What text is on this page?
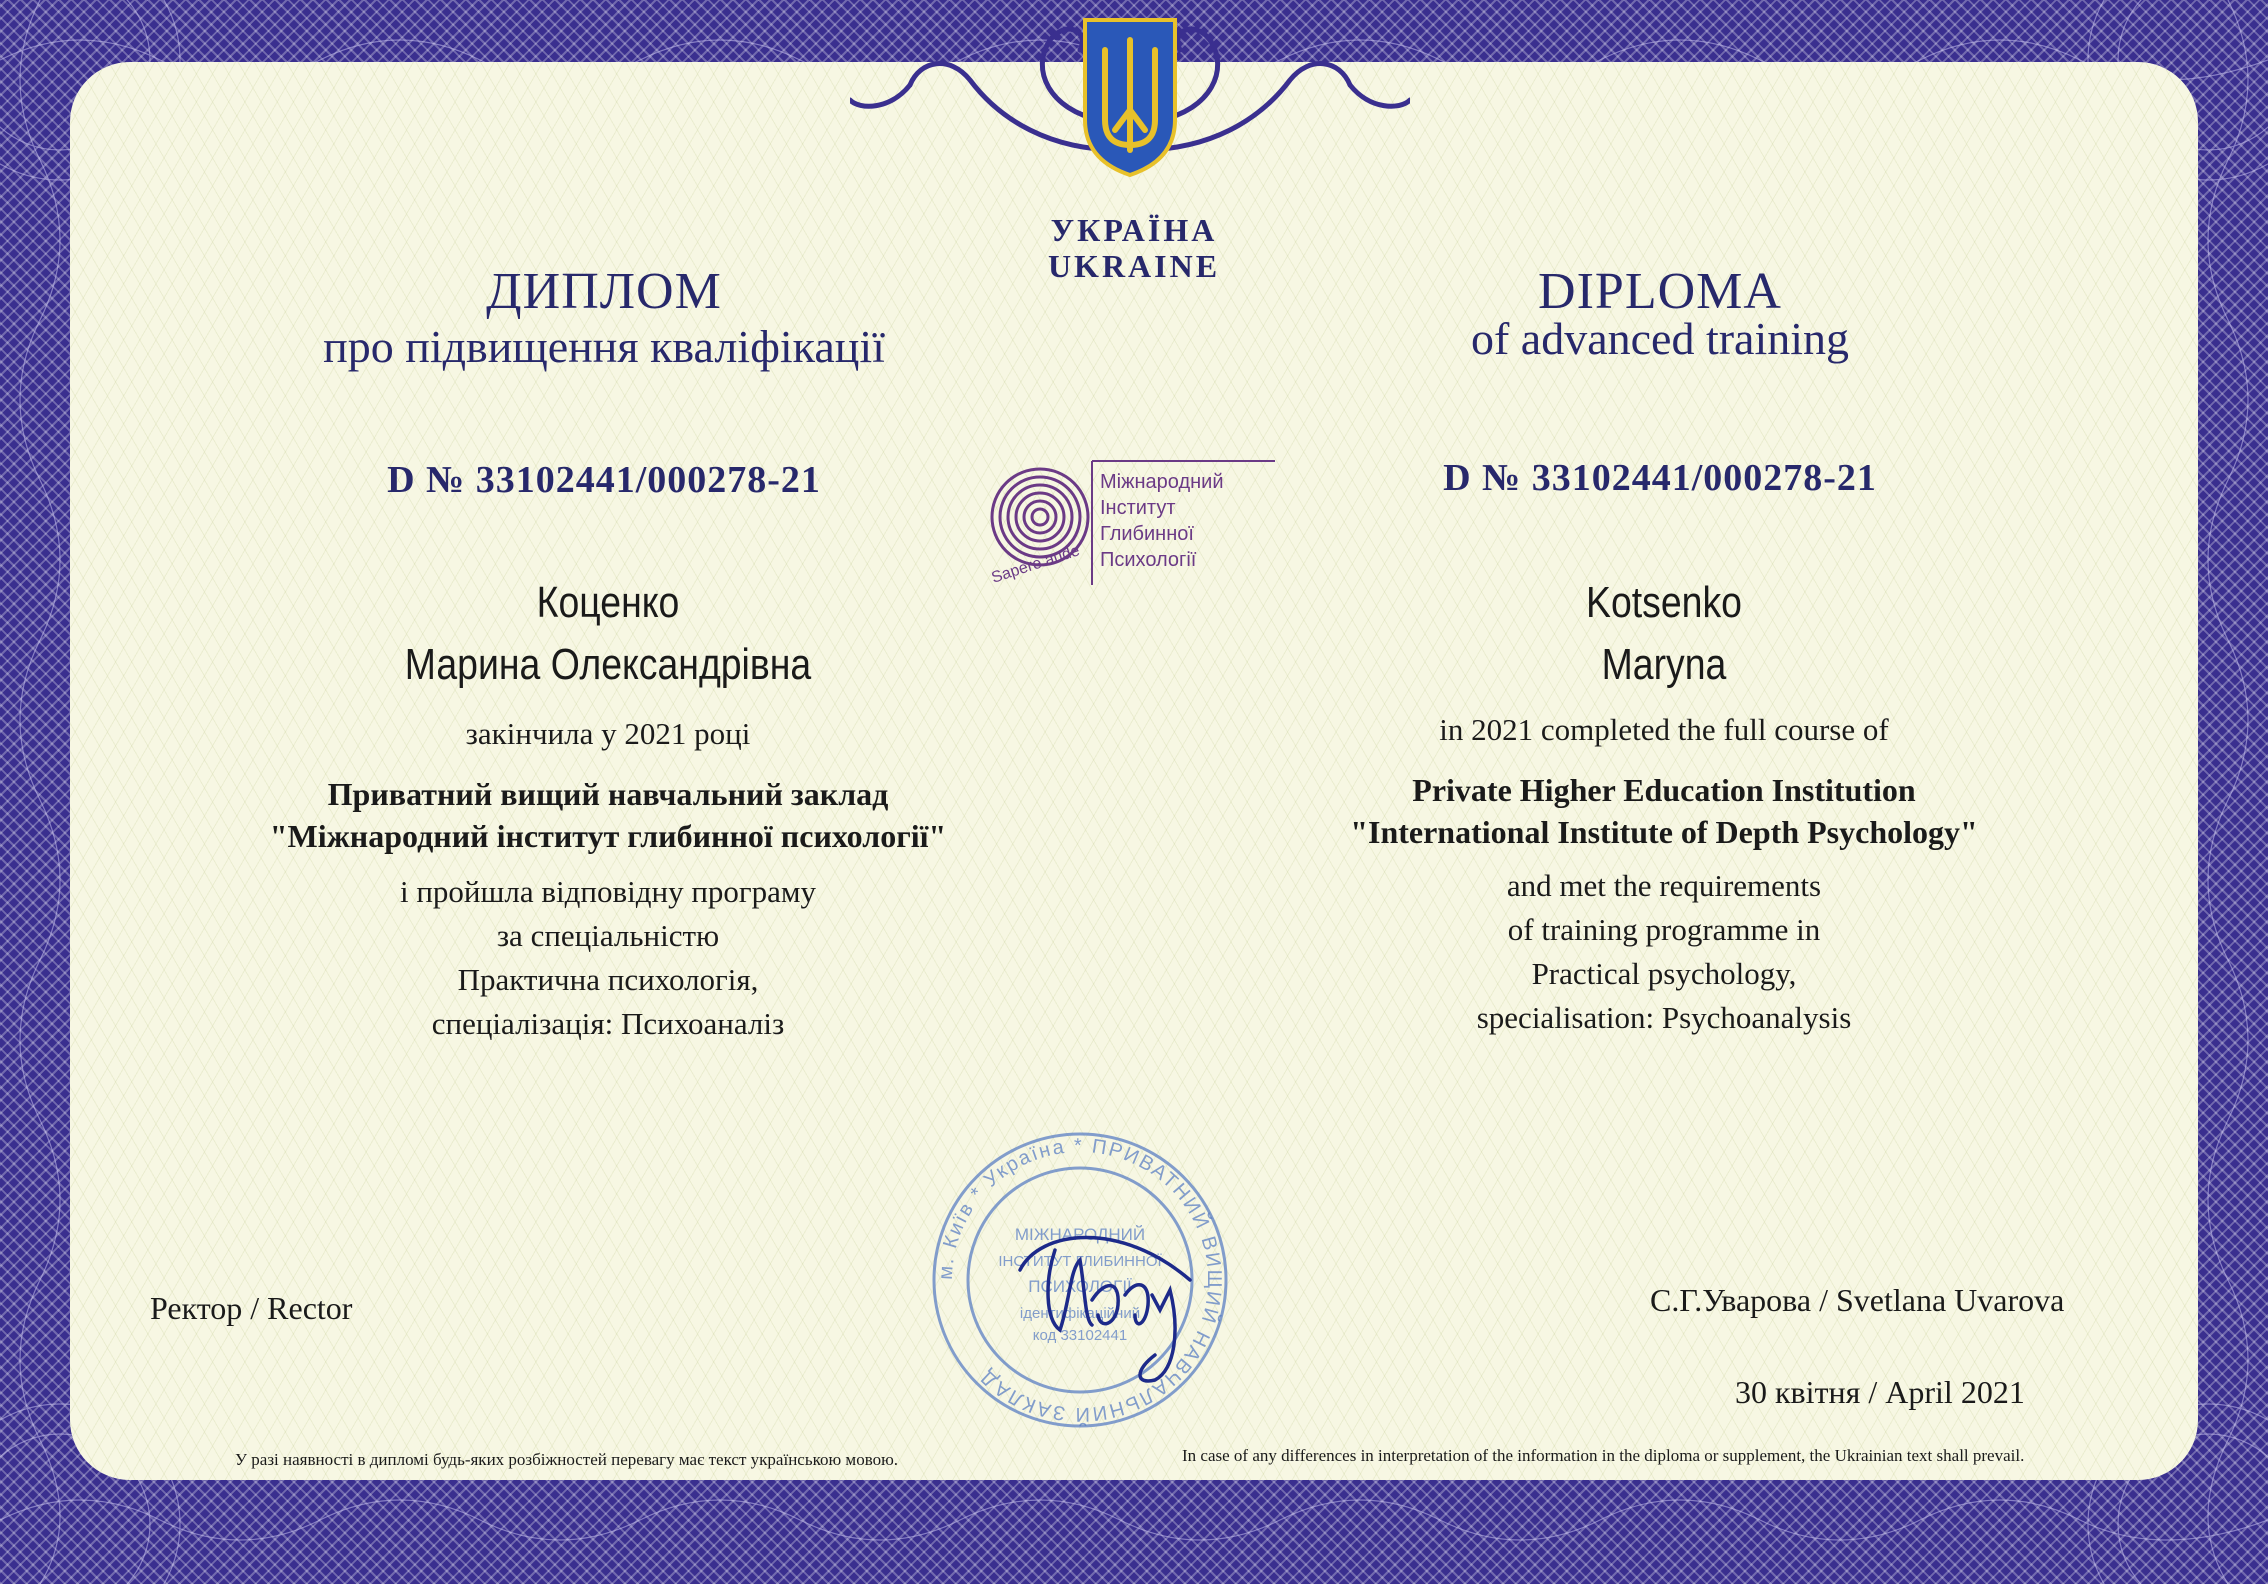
УКРАЇНА
UKRAINE
ДИПЛОМ
про підвищення кваліфікації
DIPLOMA
of advanced training
D № 33102441/000278-21	D № 33102441/000278-21
Sapere aude
Міжнародний
Інститут
Глибинної
Психології
Коценко
Марина Олександрівна
Kotsenko
Maryna
закінчила у 2021 році	in 2021 completed the full course of
Приватний вищий навчальний заклад
"Міжнародний інститут глибинної психології"
Private Higher Education Institution
"International Institute of Depth Psychology"
і пройшла відповідну програму
за спеціальністю
Практична психологія,
спеціалізація: Психоаналіз
and met the requirements
of training programme in
Practical psychology,
specialisation: Psychoanalysis
м. Київ * Україна * ПРИВАТНИЙ ВИЩИЙ НАВЧАЛЬНИЙ ЗАКЛАД
МІЖНАРОДНИЙ
ІНСТИТУТ ГЛИБИННОЇ
ПСИХОЛОГІЇ
ідентифікаційний
код 33102441
Ректор / Rector	С.Г.Уварова / Svetlana Uvarova
30 квітня / April 2021
У разі наявності в дипломі будь-яких розбіжностей перевагу має текст українською мовою.	In case of any differences in interpretation of the information in the diploma or supplement, the Ukrainian text shall prevail.
